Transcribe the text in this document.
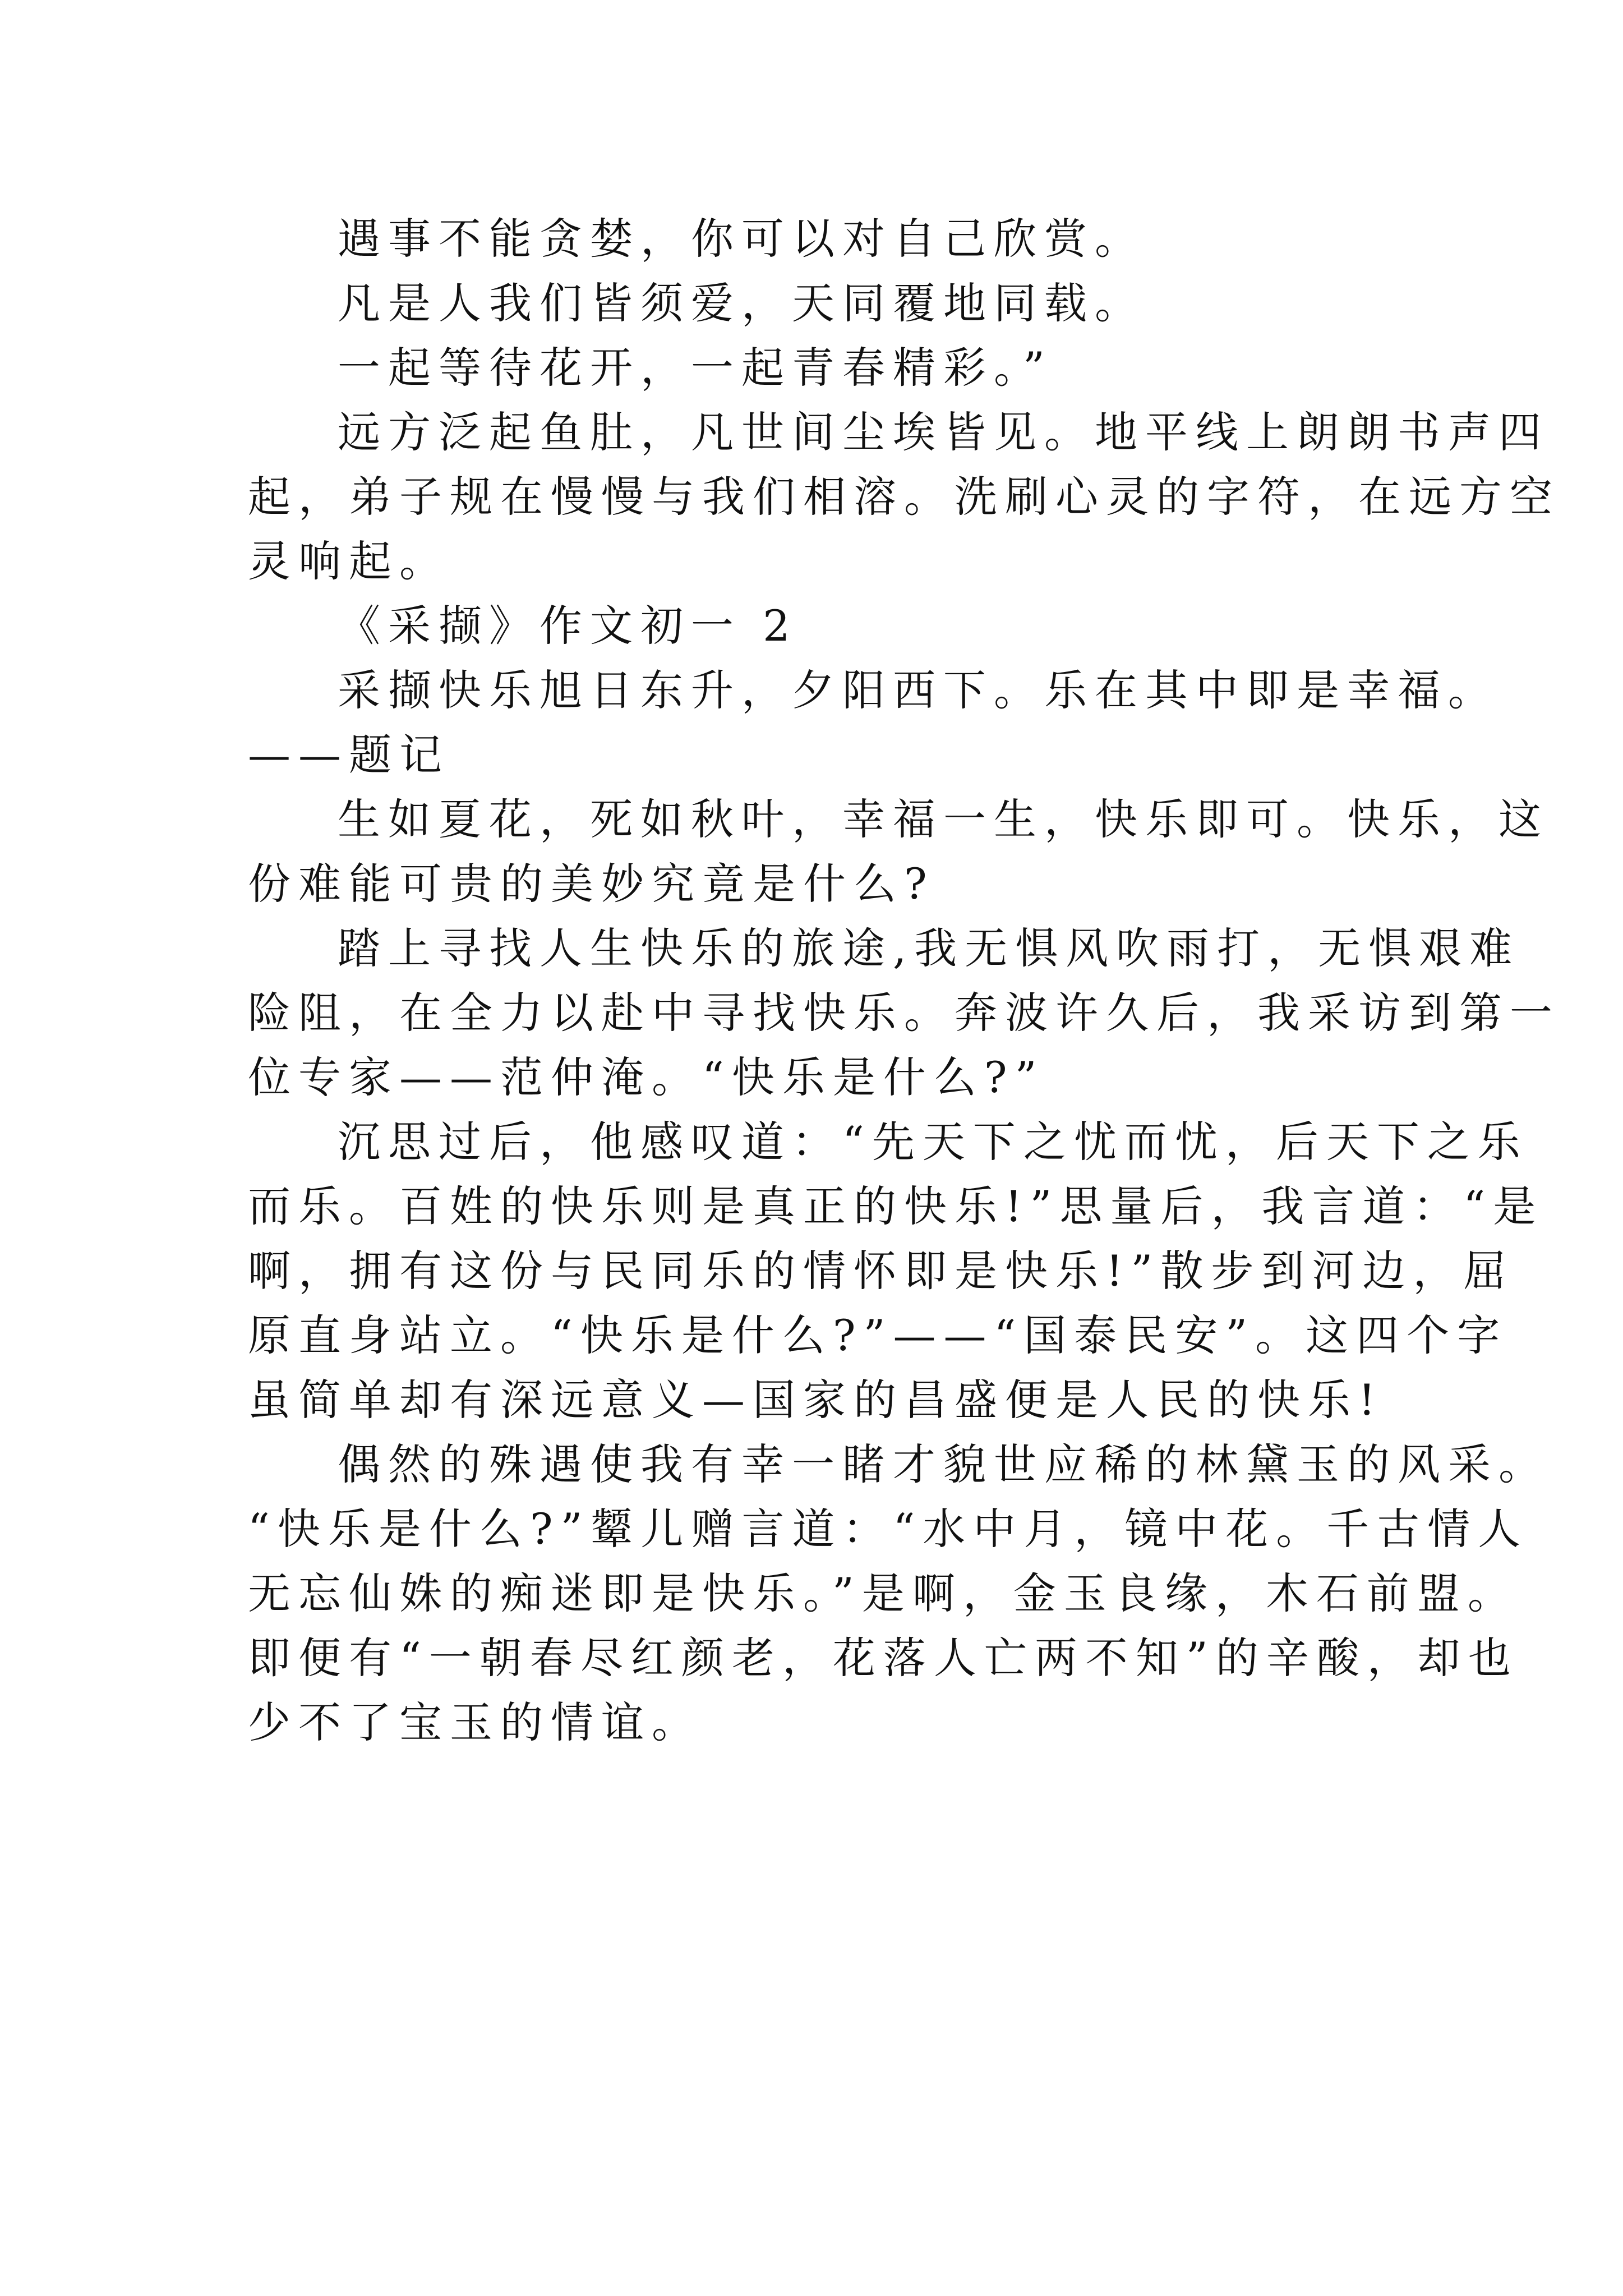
遇事不能贪婪，你可以对自己欣赏。
凡是人我们皆须爱，天同覆地同载。
一起等待花开，一起青春精彩。”
远方泛起鱼肚，凡世间尘埃皆见。地平线上朗朗书声四
起，弟子规在慢慢与我们相溶。洗刷心灵的字符，在远方空
灵响起。
《采撷》作文初一 2
采撷快乐旭日东升，夕阳西下。乐在其中即是幸福。
——题记
生如夏花，死如秋叶，幸福一生，快乐即可。快乐，这
份难能可贵的美妙究竟是什么?
踏上寻找人生快乐的旅途,我无惧风吹雨打，无惧艰难
险阻，在全力以赴中寻找快乐。奔波许久后，我采访到第一
位专家——范仲淹。“快乐是什么?”
沉思过后，他感叹道：“先天下之忧而忧，后天下之乐
而乐。百姓的快乐则是真正的快乐!”思量后，我言道：“是
啊，拥有这份与民同乐的情怀即是快乐!”散步到河边，屈
原直身站立。“快乐是什么?”——“国泰民安”。这四个字
虽简单却有深远意义—国家的昌盛便是人民的快乐!
偶然的殊遇使我有幸一睹才貌世应稀的林黛玉的风采。
“快乐是什么?”颦儿赠言道：“水中月，镜中花。千古情人
无忘仙姝的痴迷即是快乐。”是啊，金玉良缘，木石前盟。
即便有“一朝春尽红颜老，花落人亡两不知”的辛酸，却也
少不了宝玉的情谊。
